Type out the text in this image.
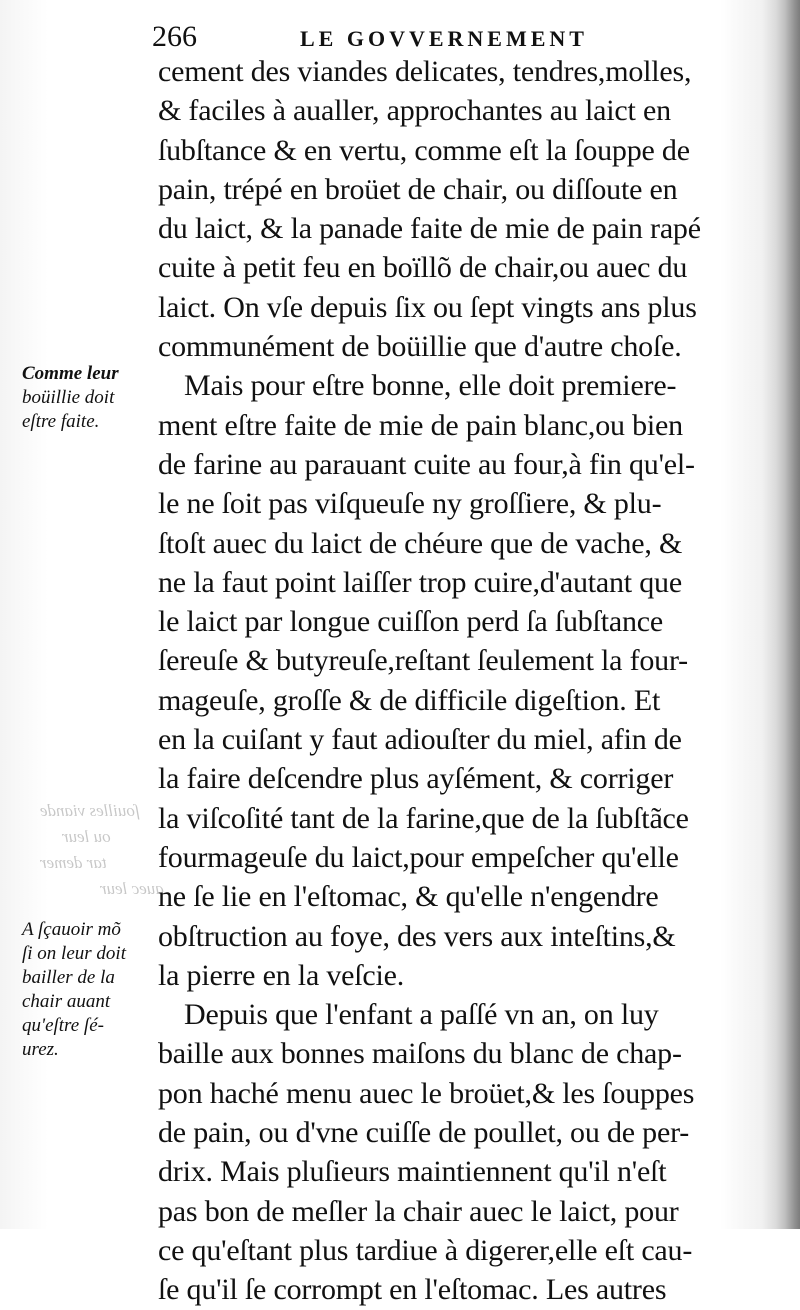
ſouilles viande
ou leur
tar demer
auec leur
266	LE GOVVERNEMENT
cement des viandes delicates, tendres,molles,
& faciles à aualler, approchantes au laict en
ſubſtance & en vertu, comme eſt la ſouppe de
pain, trépé en broüet de chair, ou diſſoute en
du laict, & la panade faite de mie de pain rapé
cuite à petit feu en boïllõ de chair,ou auec du
laict. On vſe depuis ſix ou ſept vingts ans plus
communément de boüillie que d'autre choſe.
Mais pour eſtre bonne, elle doit premiere-
ment eſtre faite de mie de pain blanc,ou bien
de farine au parauant cuite au four,à fin qu'el-
le ne ſoit pas viſqueuſe ny groſſiere, & plu-
ſtoſt auec du laict de chéure que de vache, &
ne la faut point laiſſer trop cuire,d'autant que
le laict par longue cuiſſon perd ſa ſubſtance
ſereuſe & butyreuſe,reſtant ſeulement la four-
mageuſe, groſſe & de difficile digeſtion. Et
en la cuiſant y faut adiouſter du miel, afin de
la faire deſcendre plus ayſément, & corriger
la viſcoſité tant de la farine,que de la ſubſtãce
fourmageuſe du laict,pour empeſcher qu'elle
ne ſe lie en l'eſtomac, & qu'elle n'engendre
obſtruction au foye, des vers aux inteſtins,&
la pierre en la veſcie.
Depuis que l'enfant a paſſé vn an, on luy
baille aux bonnes maiſons du blanc de chap-
pon haché menu auec le broüet,& les ſouppes
de pain, ou d'vne cuiſſe de poullet, ou de per-
drix. Mais pluſieurs maintiennent qu'il n'eſt
pas bon de meſler la chair auec le laict, pour
ce qu'eſtant plus tardiue à digerer,elle eſt cau-
ſe qu'il ſe corrompt en l'eſtomac. Les autres
Comme leur
boüillie doit
eſtre faite.
A ſçauoir mõ
ſi on leur doit
bailler de la
chair auant
qu'eſtre ſé-
urez.
